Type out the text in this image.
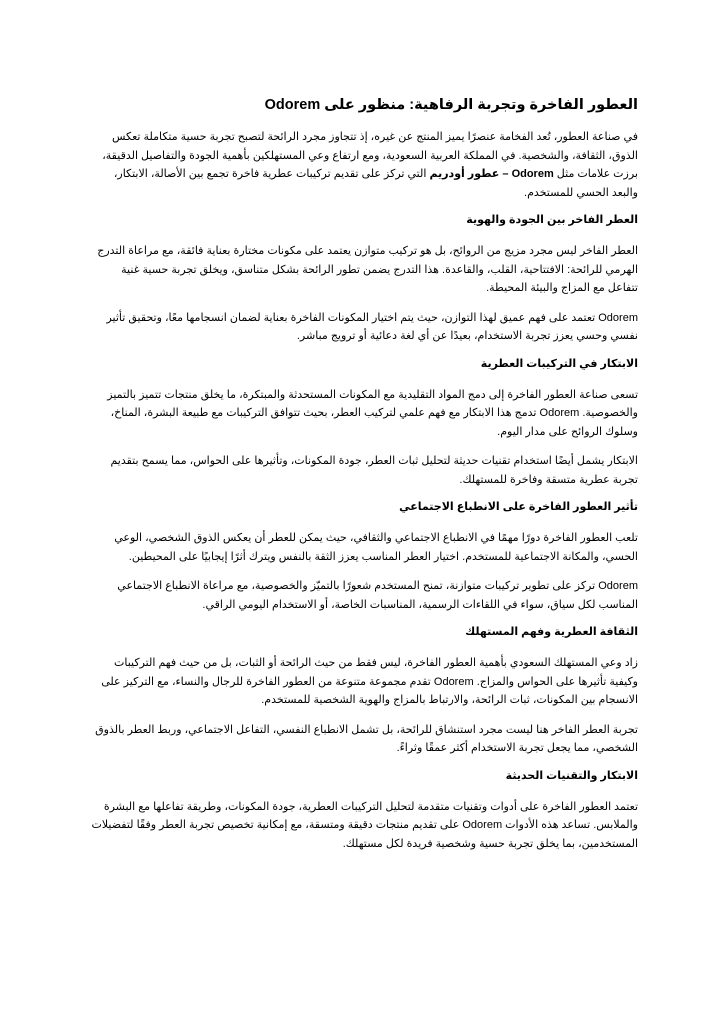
العطور الفاخرة وتجربة الرفاهية: منظور على Odorem
في صناعة العطور، تُعد الفخامة عنصرًا يميز المنتج عن غيره، إذ تتجاوز مجرد الرائحة لتصبح تجربة حسية متكاملة تعكس الذوق، الثقافة، والشخصية. في المملكة العربية السعودية، ومع ارتفاع وعي المستهلكين بأهمية الجودة والتفاصيل الدقيقة، برزت علامات مثل Odorem – عطور أودريم التي تركز على تقديم تركيبات عطرية فاخرة تجمع بين الأصالة، الابتكار، والبعد الحسي للمستخدم.
العطر الفاخر بين الجودة والهوية
العطر الفاخر ليس مجرد مزيج من الروائح، بل هو تركيب متوازن يعتمد على مكونات مختارة بعناية فائقة، مع مراعاة التدرج الهرمي للرائحة: الافتتاحية، القلب، والقاعدة. هذا التدرج يضمن تطور الرائحة بشكل متناسق، ويخلق تجربة حسية غنية تتفاعل مع المزاج والبيئة المحيطة.
Odorem تعتمد على فهم عميق لهذا التوازن، حيث يتم اختيار المكونات الفاخرة بعناية لضمان انسجامها معًا، وتحقيق تأثير نفسي وحسي يعزز تجربة الاستخدام، بعيدًا عن أي لغة دعائية أو ترويج مباشر.
الابتكار في التركيبات العطرية
تسعى صناعة العطور الفاخرة إلى دمج المواد التقليدية مع المكونات المستحدثة والمبتكرة، ما يخلق منتجات تتميز بالتميز والخصوصية. Odorem تدمج هذا الابتكار مع فهم علمي لتركيب العطر، بحيث تتوافق التركيبات مع طبيعة البشرة، المناخ، وسلوك الروائح على مدار اليوم.
الابتكار يشمل أيضًا استخدام تقنيات حديثة لتحليل ثبات العطر، جودة المكونات، وتأثيرها على الحواس، مما يسمح بتقديم تجربة عطرية متسقة وفاخرة للمستهلك.
تأثير العطور الفاخرة على الانطباع الاجتماعي
تلعب العطور الفاخرة دورًا مهمًا في الانطباع الاجتماعي والثقافي، حيث يمكن للعطر أن يعكس الذوق الشخصي، الوعي الحسي، والمكانة الاجتماعية للمستخدم. اختيار العطر المناسب يعزز الثقة بالنفس ويترك أثرًا إيجابيًا على المحيطين.
Odorem تركز على تطوير تركيبات متوازنة، تمنح المستخدم شعورًا بالتميّز والخصوصية، مع مراعاة الانطباع الاجتماعي المناسب لكل سياق، سواء في اللقاءات الرسمية، المناسبات الخاصة، أو الاستخدام اليومي الراقي.
الثقافة العطرية وفهم المستهلك
زاد وعي المستهلك السعودي بأهمية العطور الفاخرة، ليس فقط من حيث الرائحة أو الثبات، بل من حيث فهم التركيبات وكيفية تأثيرها على الحواس والمزاج. Odorem تقدم مجموعة متنوعة من العطور الفاخرة للرجال والنساء، مع التركيز على الانسجام بين المكونات، ثبات الرائحة، والارتباط بالمزاج والهوية الشخصية للمستخدم.
تجربة العطر الفاخر هنا ليست مجرد استنشاق للرائحة، بل تشمل الانطباع النفسي، التفاعل الاجتماعي، وربط العطر بالذوق الشخصي، مما يجعل تجربة الاستخدام أكثر عمقًا وثراءً.
الابتكار والتقنيات الحديثة
تعتمد العطور الفاخرة على أدوات وتقنيات متقدمة لتحليل التركيبات العطرية، جودة المكونات، وطريقة تفاعلها مع البشرة والملابس. تساعد هذه الأدوات Odorem على تقديم منتجات دقيقة ومتسقة، مع إمكانية تخصيص تجربة العطر وفقًا لتفضيلات المستخدمين، بما يخلق تجربة حسية وشخصية فريدة لكل مستهلك.
